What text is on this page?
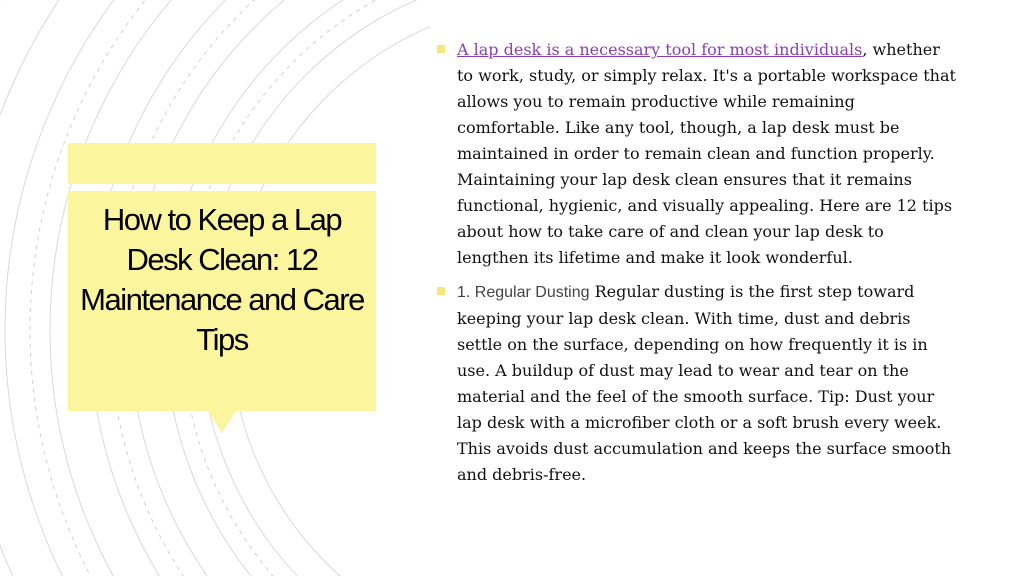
How to Keep a Lap Desk Clean: 12 Maintenance and Care Tips
A lap desk is a necessary tool for most individuals, whether to work, study, or simply relax. It's a portable workspace that allows you to remain productive while remaining comfortable. Like any tool, though, a lap desk must be maintained in order to remain clean and function properly. Maintaining your lap desk clean ensures that it remains functional, hygienic, and visually appealing. Here are 12 tips about how to take care of and clean your lap desk to lengthen its lifetime and make it look wonderful.
1. Regular Dusting Regular dusting is the first step toward keeping your lap desk clean. With time, dust and debris settle on the surface, depending on how frequently it is in use. A buildup of dust may lead to wear and tear on the material and the feel of the smooth surface. Tip: Dust your lap desk with a microfiber cloth or a soft brush every week. This avoids dust accumulation and keeps the surface smooth and debris-free.
